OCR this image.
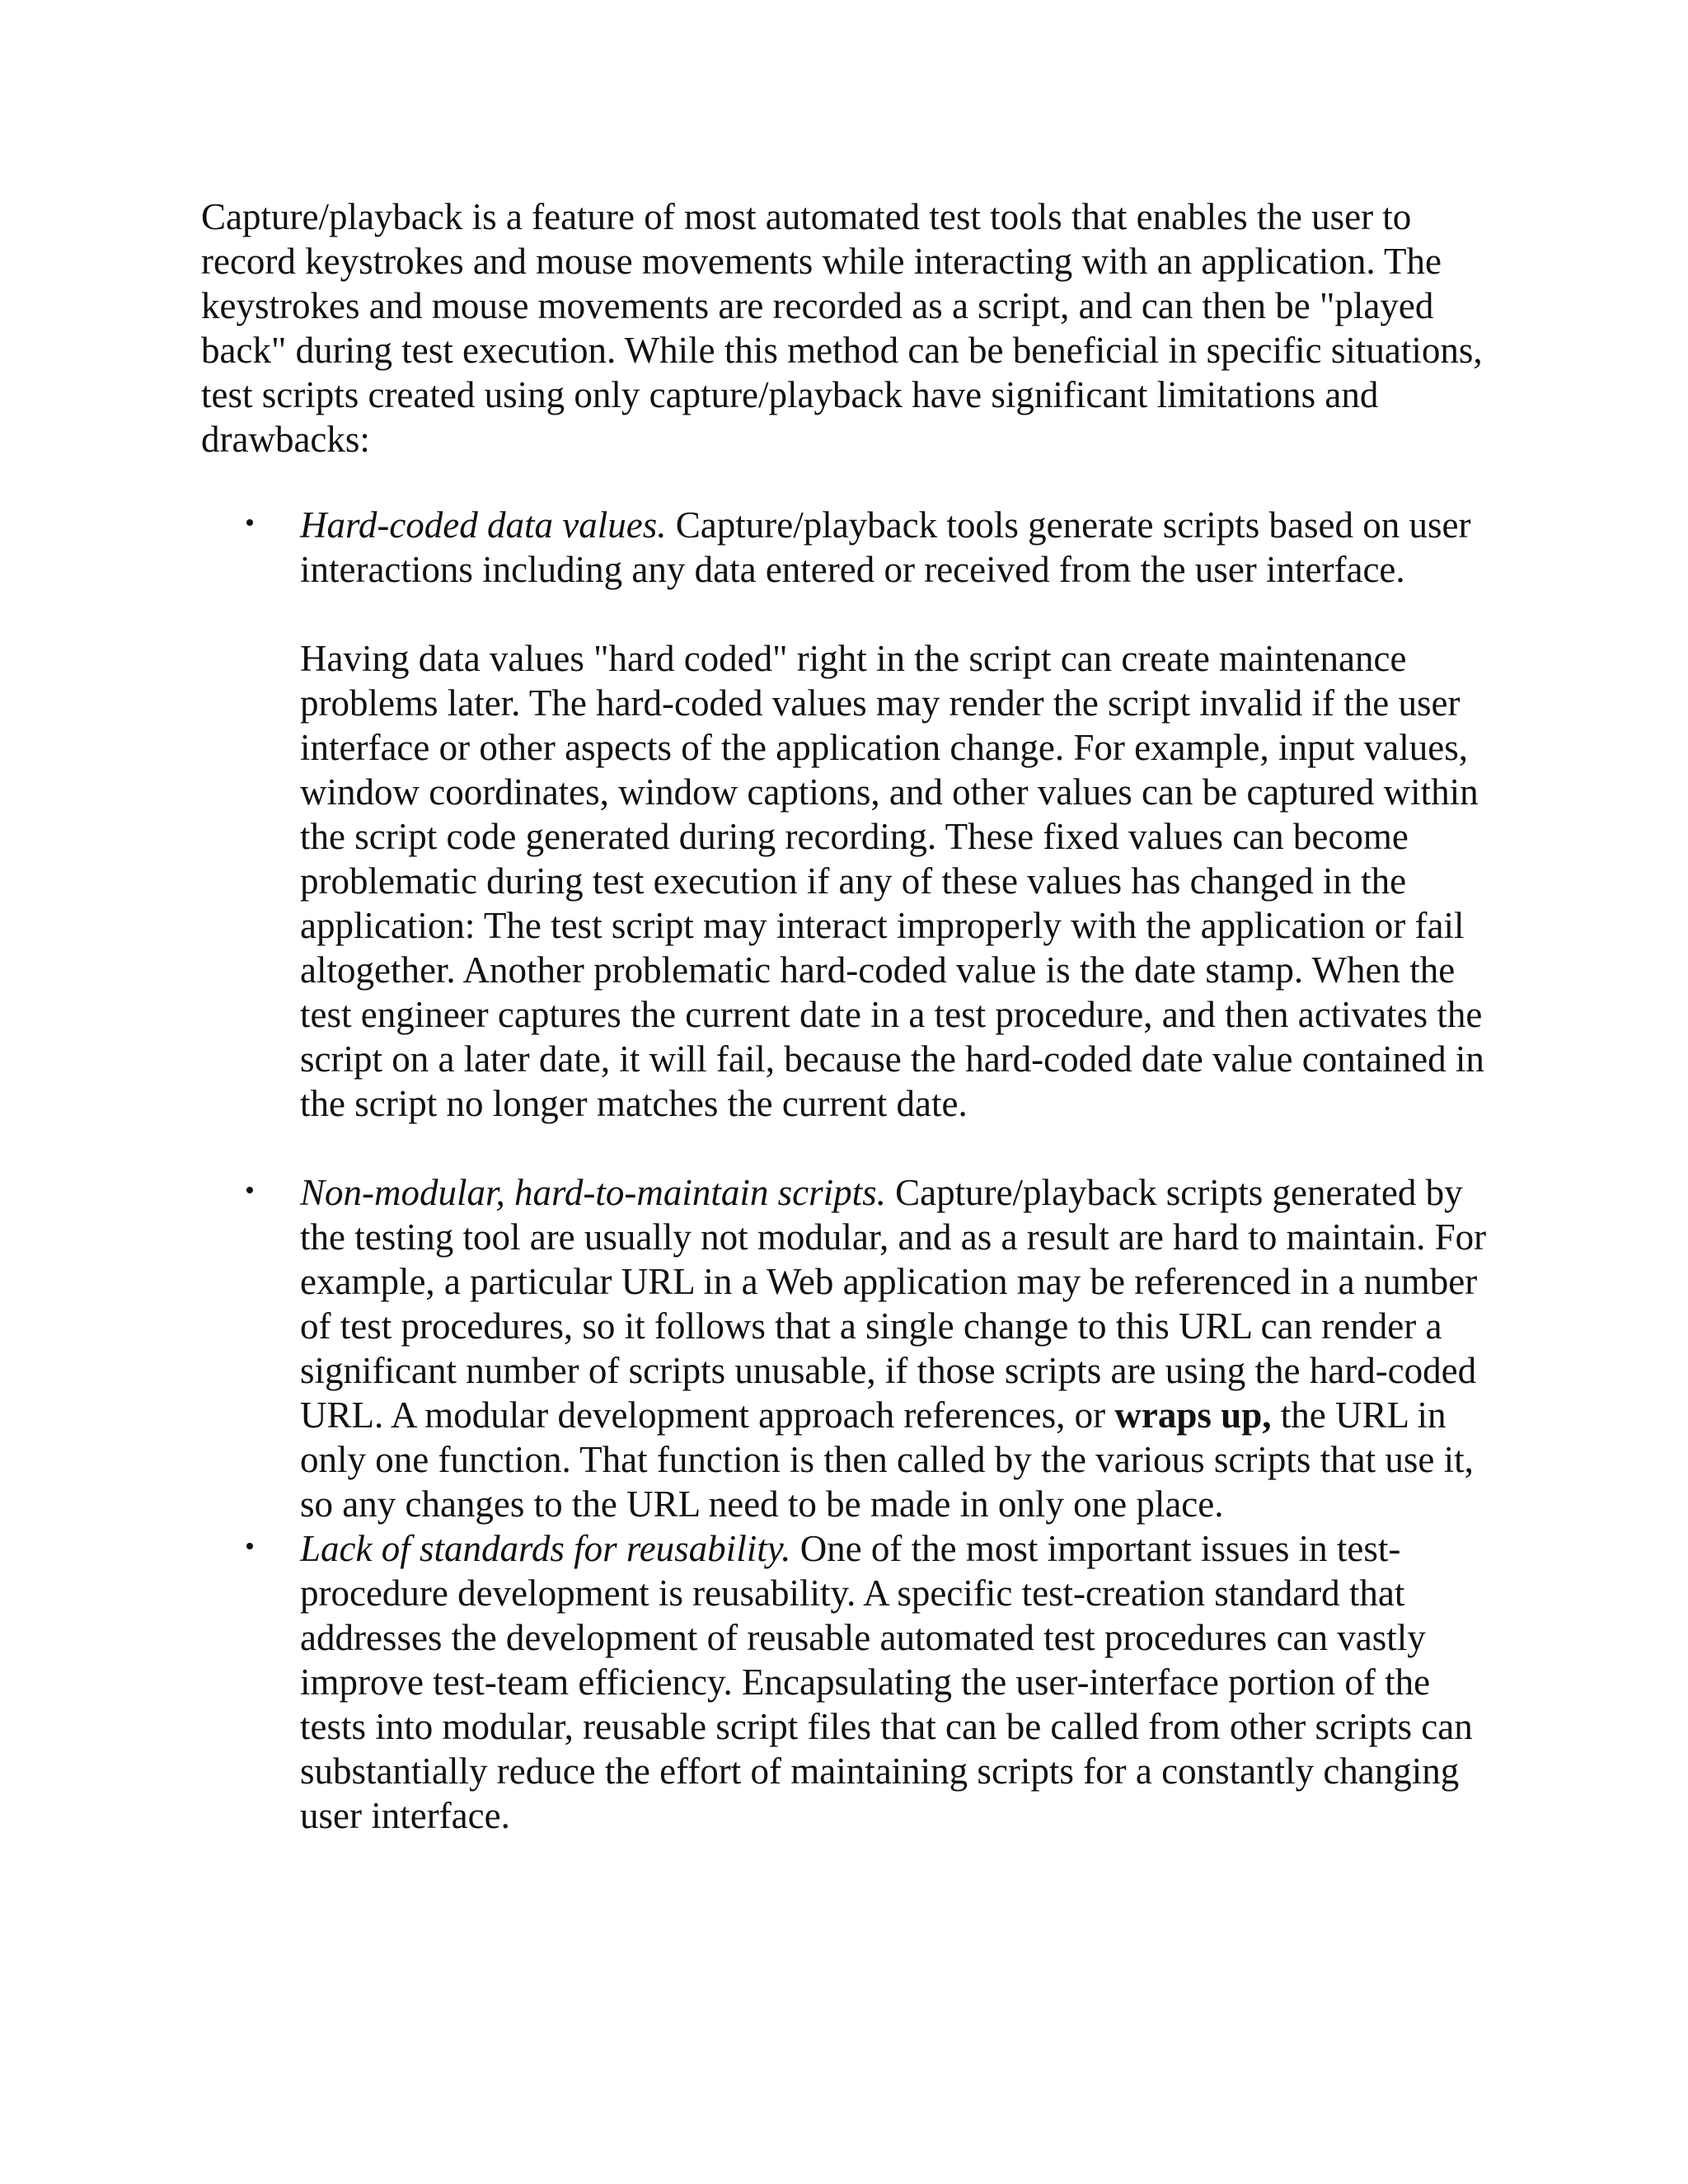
Capture/playback is a feature of most automated test tools that enables the user to record keystrokes and mouse movements while interacting with an application. The keystrokes and mouse movements are recorded as a script, and can then be "played back" during test execution. While this method can be beneficial in specific situations, test scripts created using only capture/playback have significant limitations and drawbacks:

Hard-coded data values. Capture/playback tools generate scripts based on user interactions including any data entered or received from the user interface.

Having data values "hard coded" right in the script can create maintenance problems later. The hard-coded values may render the script invalid if the user interface or other aspects of the application change. For example, input values, window coordinates, window captions, and other values can be captured within the script code generated during recording. These fixed values can become problematic during test execution if any of these values has changed in the application: The test script may interact improperly with the application or fail altogether. Another problematic hard-coded value is the date stamp. When the test engineer captures the current date in a test procedure, and then activates the script on a later date, it will fail, because the hard-coded date value contained in the script no longer matches the current date.

Non-modular, hard-to-maintain scripts. Capture/playback scripts generated by the testing tool are usually not modular, and as a result are hard to maintain. For example, a particular URL in a Web application may be referenced in a number of test procedures, so it follows that a single change to this URL can render a significant number of scripts unusable, if those scripts are using the hard-coded URL. A modular development approach references, or wraps up, the URL in only one function. That function is then called by the various scripts that use it, so any changes to the URL need to be made in only one place.

Lack of standards for reusability. One of the most important issues in test-procedure development is reusability. A specific test-creation standard that addresses the development of reusable automated test procedures can vastly improve test-team efficiency. Encapsulating the user-interface portion of the tests into modular, reusable script files that can be called from other scripts can substantially reduce the effort of maintaining scripts for a constantly changing user interface.
